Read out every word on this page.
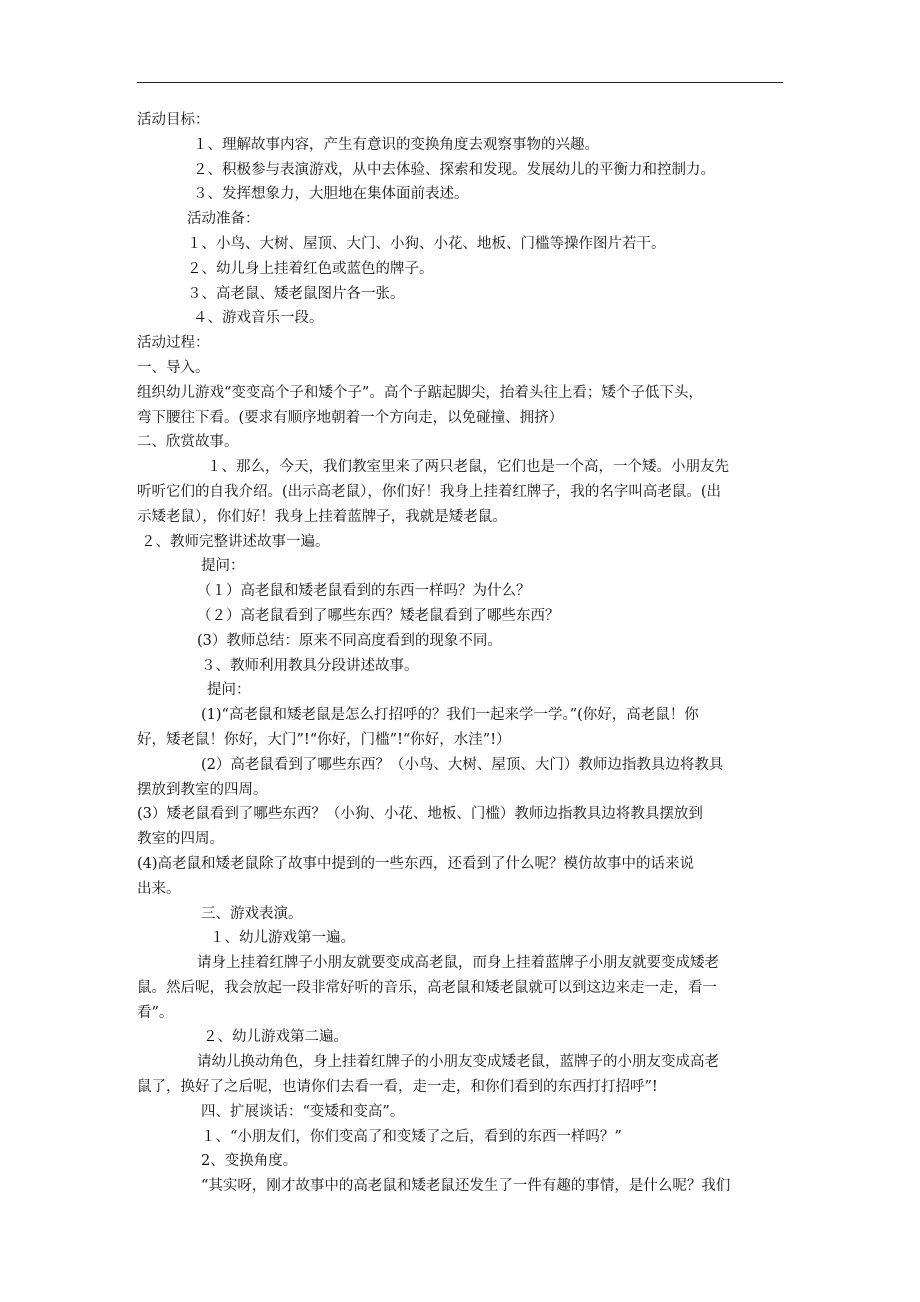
活动目标：
１、理解故事内容，产生有意识的变换角度去观察事物的兴趣。
２、积极参与表演游戏，从中去体验、探索和发现。发展幼儿的平衡力和控制力。
３、发挥想象力，大胆地在集体面前表述。
活动准备：
１、小鸟、大树、屋顶、大门、小狗、小花、地板、门槛等操作图片若干。
２、幼儿身上挂着红色或蓝色的牌子。
３、高老鼠、矮老鼠图片各一张。
４、游戏音乐一段。
活动过程：
一、导入。
组织幼儿游戏“变变高个子和矮个子”。高个子踮起脚尖，抬着头往上看；矮个子低下头，
弯下腰往下看。(要求有顺序地朝着一个方向走，以免碰撞、拥挤）
二、欣赏故事。
１、那么，今天，我们教室里来了两只老鼠，它们也是一个高，一个矮。小朋友先
听听它们的自我介绍。(出示高老鼠），你们好！我身上挂着红牌子，我的名字叫高老鼠。(出
示矮老鼠），你们好！我身上挂着蓝牌子，我就是矮老鼠。
２、教师完整讲述故事一遍。
提问：
（１）高老鼠和矮老鼠看到的东西一样吗？为什么？
（２）高老鼠看到了哪些东西？矮老鼠看到了哪些东西？
(3）教师总结：原来不同高度看到的现象不同。
３、教师利用教具分段讲述故事。
提问：
(1)“高老鼠和矮老鼠是怎么打招呼的？我们一起来学一学。”(你好，高老鼠！你
好，矮老鼠！你好，大门”!“你好，门槛”!“你好，水洼”!）
(2）高老鼠看到了哪些东西？（小鸟、大树、屋顶、大门）教师边指教具边将教具
摆放到教室的四周。
(3）矮老鼠看到了哪些东西？（小狗、小花、地板、门槛）教师边指教具边将教具摆放到
教室的四周。
(4)高老鼠和矮老鼠除了故事中提到的一些东西，还看到了什么呢？模仿故事中的话来说
出来。
三、游戏表演。
１、幼儿游戏第一遍。
请身上挂着红牌子小朋友就要变成高老鼠，而身上挂着蓝牌子小朋友就要变成矮老
鼠。然后呢，我会放起一段非常好听的音乐，高老鼠和矮老鼠就可以到这边来走一走，看一
看”。
２、幼儿游戏第二遍。
请幼儿换动角色，身上挂着红牌子的小朋友变成矮老鼠，蓝牌子的小朋友变成高老
鼠了，换好了之后呢，也请你们去看一看，走一走，和你们看到的东西打打招呼”!
四、扩展谈话：“变矮和变高”。
１、“小朋友们，你们变高了和变矮了之后，看到的东西一样吗？”
2、变换角度。
“其实呀，刚才故事中的高老鼠和矮老鼠还发生了一件有趣的事情，是什么呢？我们
